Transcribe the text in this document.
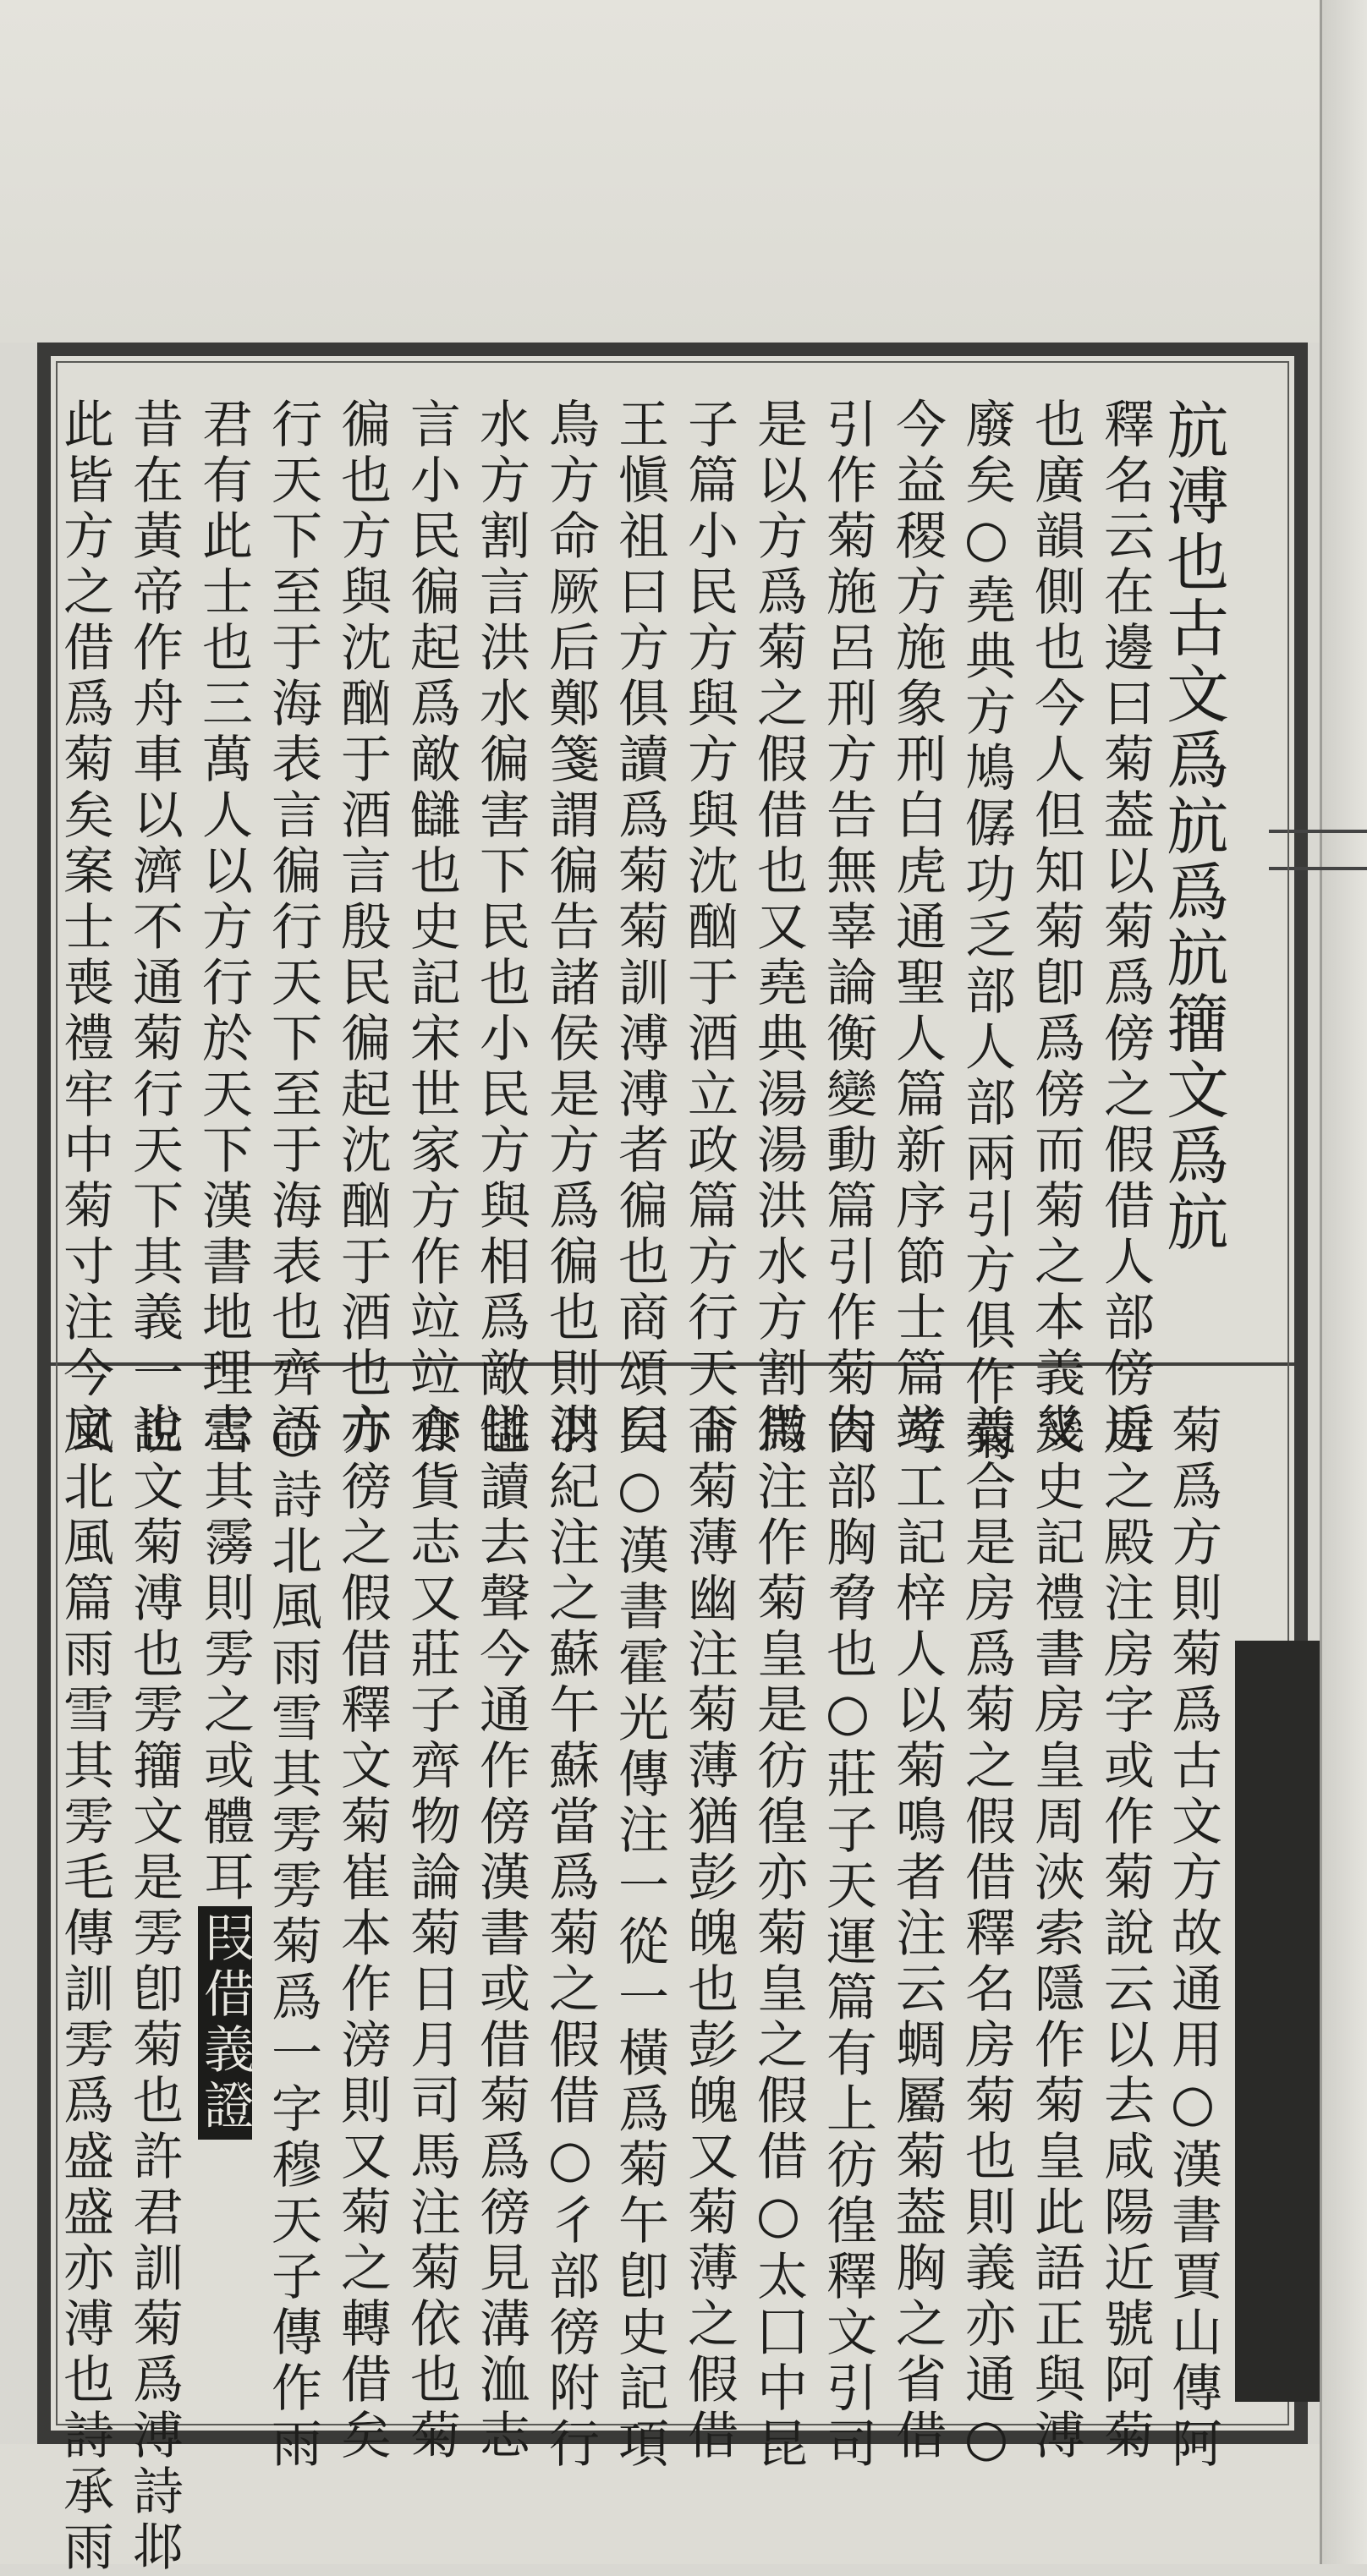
𣃚溥也古文爲𣃚爲𣃚籒文爲𣃚
釋名云在邊曰菊葢以菊爲傍之假借人部傍近
也廣韻側也今人但知菊卽爲傍而菊之本義幾
廢矣○堯典方鳩僝功乏部人部兩引方俱作菊
今益稷方施象刑白虎通聖人篇新序節士篇竝
引作菊施呂刑方告無辜論衡變動篇引作菊告
是以方爲菊之假借也又堯典湯湯洪水方割微
子篇小民方與方與沈酗于酒立政篇方行天下
王愼祖曰方俱讀爲菊菊訓溥溥者徧也商頌囗
鳥方命厥后鄭箋謂徧告諸侯是方爲徧也則洪
水方割言洪水徧害下民也小民方與相爲敵讎
言小民徧起爲敵讎也史記宋世家方作竝竝亦
徧也方與沈酗于酒言殷民徧起沈酗于酒也方
行天下至于海表言徧行天下至于海表也齊語
君有此士也三萬人以方行於天下漢書地理志
昔在黃帝作舟車以濟不通菊行天下其義一也
此皆方之借爲菊矣案士喪禮牢中菊寸注今文
菊爲方則菊爲古文方故通用○漢書賈山傳阿
房之殿注房字或作菊說云以去咸陽近號阿菊
又史記禮書房皇周浹索隱作菊皇此語正與溥
義合是房爲菊之假借釋名房菊也則義亦通○
考工記梓人以菊鳴者注云蜩屬菊葢胸之省借
肉部胸脅也○莊子天運篇有上彷徨釋文引司
馬注作菊皇是彷徨亦菊皇之假借○太囗中昆
侖菊薄幽注菊薄猶彭魄也彭魄又菊薄之假借
矣○漢書霍光傳注一從一橫爲菊午卽史記項
羽紀注之蘇午蘇當爲菊之假借○彳部徬附行
也讀去聲今通作傍漢書或借菊爲徬見溝洫志
食貨志又莊子齊物論菊日月司馬注菊依也菊
亦徬之假借釋文菊崔本作滂則又菊之轉借矣
○詩北風雨雪其雱雱菊爲一字穆天子傳作雨
雪其霶則雱之或體耳叚借義證
說文菊溥也雱籒文是雱卽菊也許君訓菊爲溥詩邶
風北風篇雨雪其雱毛傳訓雱爲盛盛亦溥也詩承雨
